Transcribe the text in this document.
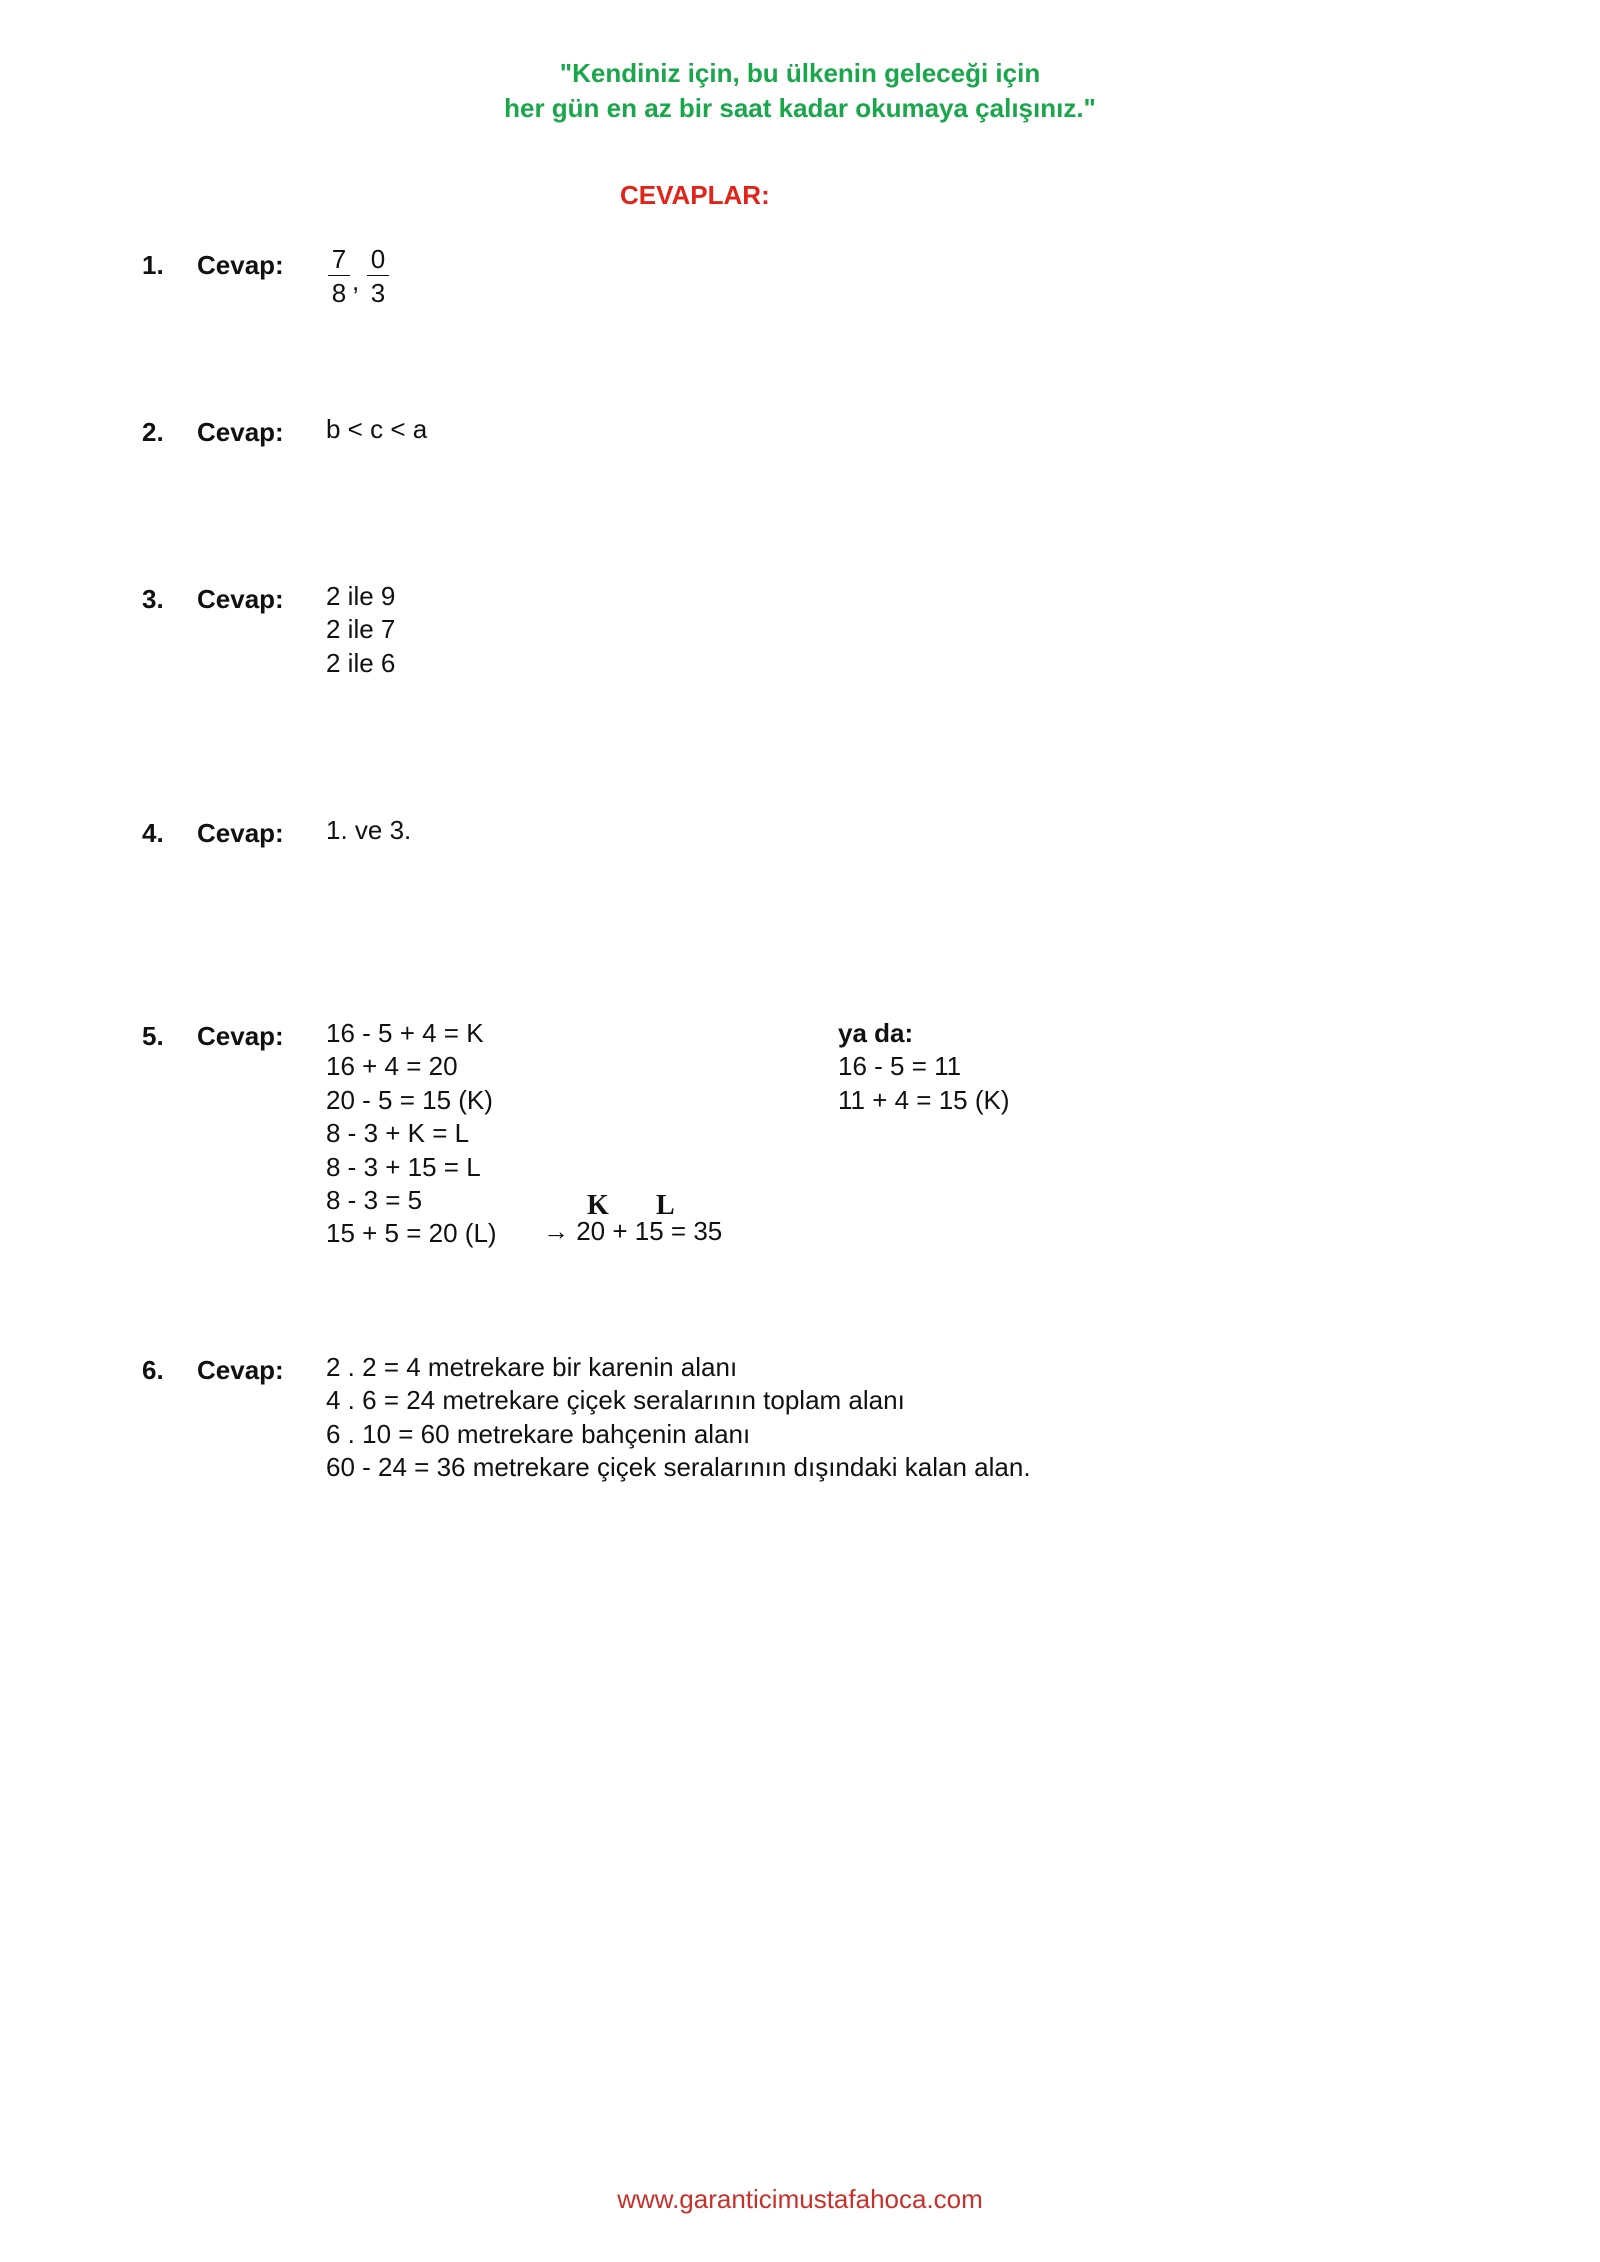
"Kendiniz için, bu ülkenin geleceği için
her gün en az bir saat kadar okumaya çalışınız."
CEVAPLAR:
1. Cevap: 7
8 ,
0
3
2. Cevap: b < c < a
3. Cevap: 2 ile 9
2 ile 7
2 ile 6
4. Cevap: 1. ve 3.
5. Cevap: 16 - 5 + 4 = K
16 + 4 = 20
20 - 5 = 15 (K)
8 - 3 + K = L
8 - 3 + 15 = L
8 - 3 = 5
15 + 5 = 20 (L)
K L
→ 20 + 15 = 35
ya da:
16 - 5 = 11
11 + 4 = 15 (K)
6. Cevap: 2 . 2 = 4 metrekare bir karenin alanı
4 . 6 = 24 metrekare çiçek seralarının toplam alanı
6 . 10 = 60 metrekare bahçenin alanı
60 - 24 = 36 metrekare çiçek seralarının dışındaki kalan alan.
www.garanticimustafahoca.com
